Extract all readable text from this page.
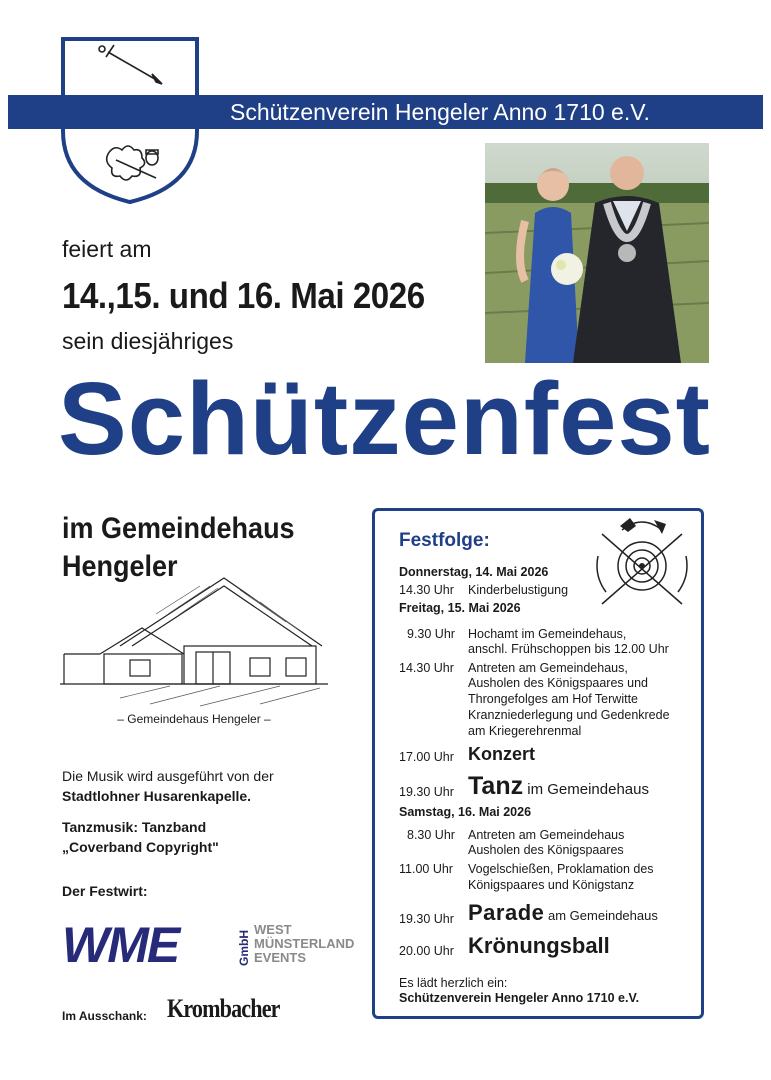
Schützenverein Hengeler Anno 1710 e.V.
feiert am
14.,15. und 16. Mai 2026
sein diesjähriges
Schützenfest
im Gemeindehaus
Hengeler
– Gemeindehaus Hengeler –
Die Musik wird ausgeführt von der
Stadtlohner Husarenkapelle.
Tanzmusik: Tanzband
„Coverband Copyright"
Der Festwirt:
WME	GmbH
WEST
MÜNSTERLAND
EVENTS
Im Ausschank: Krombacher
Festfolge:
Donnerstag, 14. Mai 2026
14.30 Uhr Kinderbelustigung
Freitag, 15. Mai 2026
9.30 Uhr Hochamt im Gemeindehaus,
anschl. Frühschoppen bis 12.00 Uhr
14.30 Uhr Antreten am Gemeindehaus,
Ausholen des Königspaares und
Throngefolges am Hof Terwitte
Kranzniederlegung und Gedenkrede
am Kriegerehrenmal
17.00 Uhr Konzert
19.30 Uhr Tanz im Gemeindehaus
Samstag, 16. Mai 2026
8.30 Uhr Antreten am Gemeindehaus
Ausholen des Königspaares
11.00 Uhr Vogelschießen, Proklamation des
Königspaares und Königstanz
19.30 Uhr Parade am Gemeindehaus
20.00 Uhr Krönungsball
Es lädt herzlich ein:
Schützenverein Hengeler Anno 1710 e.V.
